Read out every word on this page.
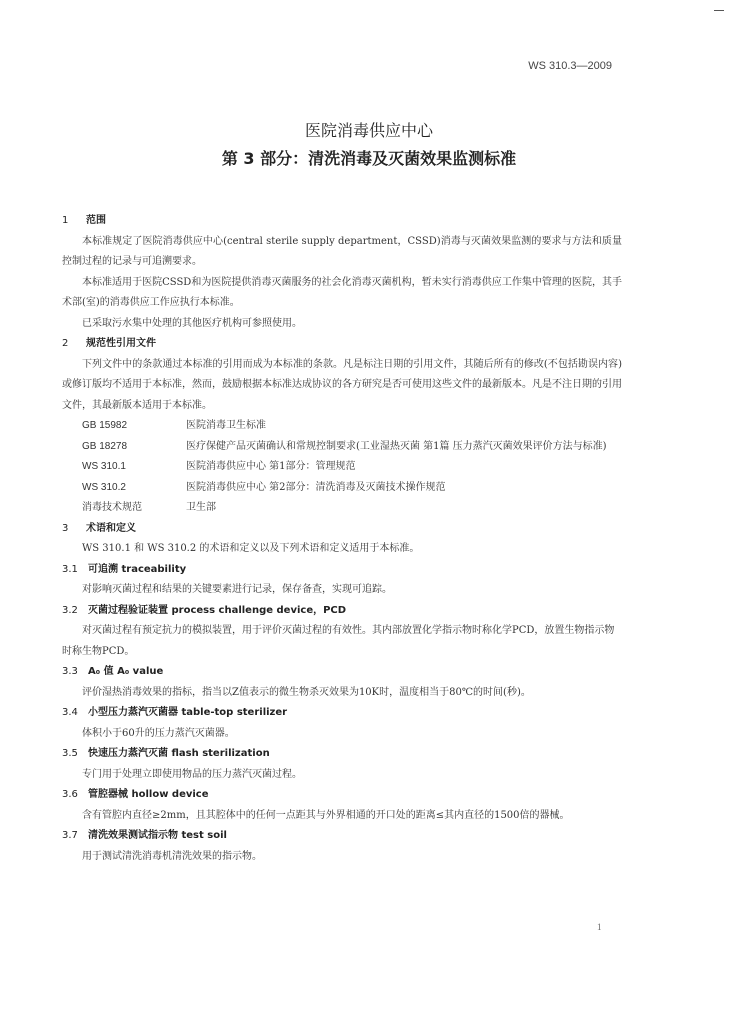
WS 310.3—2009
医院消毒供应中心
第 3 部分：清洗消毒及灭菌效果监测标准
1 范围

本标准规定了医院消毒供应中心(central sterile supply department，CSSD)消毒与灭菌效果监测的要求与方法和质量控制过程的记录与可追溯要求。

本标准适用于医院CSSD和为医院提供消毒灭菌服务的社会化消毒灭菌机构，暂未实行消毒供应工作集中管理的医院，其手术部(室)的消毒供应工作应执行本标准。

已采取污水集中处理的其他医疗机构可参照使用。

2 规范性引用文件

下列文件中的条款通过本标准的引用而成为本标准的条款。凡是标注日期的引用文件，其随后所有的修改(不包括勘误内容)或修订版均不适用于本标准，然而，鼓励根据本标准达成协议的各方研究是否可使用这些文件的最新版本。凡是不注日期的引用文件，其最新版本适用于本标准。

GB 15982	医院消毒卫生标准
GB 18278	医疗保健产品灭菌确认和常规控制要求(工业湿热灭菌 第1篇 压力蒸汽灭菌效果评价方法与标准)
WS 310.1	医院消毒供应中心 第1部分：管理规范
WS 310.2	医院消毒供应中心 第2部分：清洗消毒及灭菌技术操作规范
消毒技术规范	卫生部
3 术语和定义

WS 310.1 和 WS 310.2 的术语和定义以及下列术语和定义适用于本标准。

3.1 可追溯 traceability

对影响灭菌过程和结果的关键要素进行记录，保存备查，实现可追踪。

3.2 灭菌过程验证装置 process challenge device，PCD

对灭菌过程有预定抗力的模拟装置，用于评价灭菌过程的有效性。其内部放置化学指示物时称化学PCD，放置生物指示物时称生物PCD。

3.3 A₀ 值 A₀ value

评价湿热消毒效果的指标，指当以Z值表示的微生物杀灭效果为10K时，温度相当于80℃的时间(秒)。

3.4 小型压力蒸汽灭菌器 table-top sterilizer

体积小于60升的压力蒸汽灭菌器。

3.5 快速压力蒸汽灭菌 flash sterilization

专门用于处理立即使用物品的压力蒸汽灭菌过程。

3.6 管腔器械 hollow device

含有管腔内直径≥2mm，且其腔体中的任何一点距其与外界相通的开口处的距离≤其内直径的1500倍的器械。

3.7 清洗效果测试指示物 test soil

用于测试清洗消毒机清洗效果的指示物。

1
